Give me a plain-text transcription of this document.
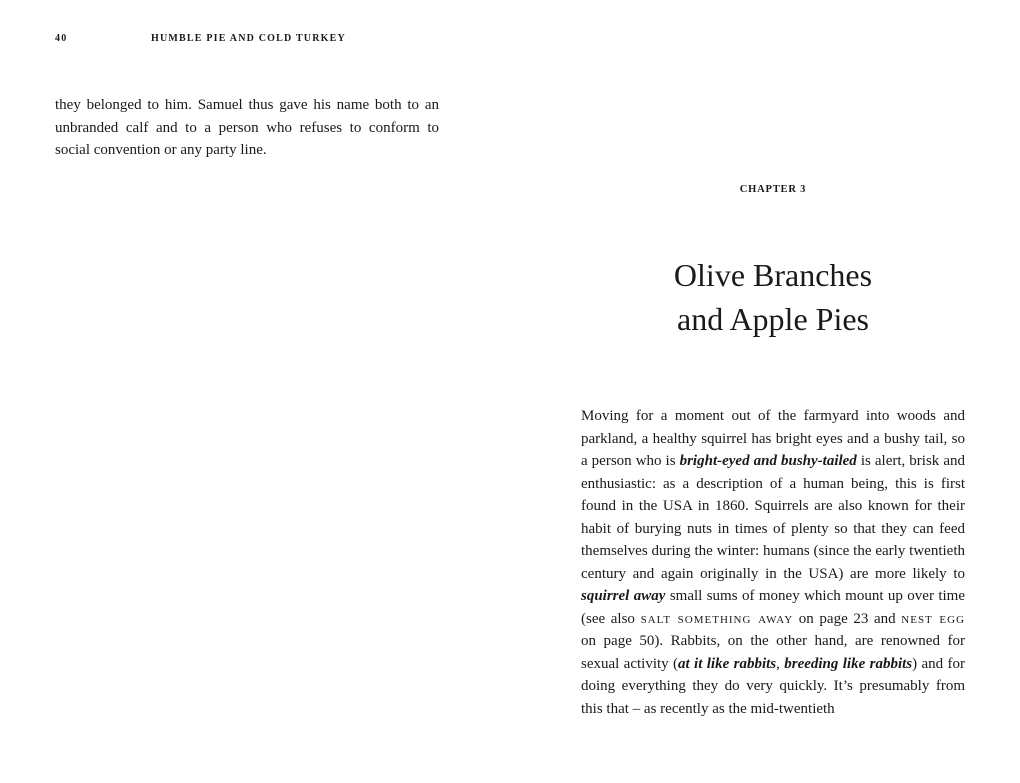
40	HUMBLE PIE AND COLD TURKEY

they belonged to him. Samuel thus gave his name both to an unbranded calf and to a person who refuses to conform to social convention or any party line.

CHAPTER 3
Olive Branches
and Apple Pies

Moving for a moment out of the farmyard into woods and parkland, a healthy squirrel has bright eyes and a bushy tail, so a person who is bright-eyed and bushy-tailed is alert, brisk and enthusiastic: as a description of a human being, this is first found in the USA in 1860. Squirrels are also known for their habit of burying nuts in times of plenty so that they can feed themselves during the winter: humans (since the early twentieth century and again originally in the USA) are more likely to squirrel away small sums of money which mount up over time (see also salt something away on page 23 and nest egg on page 50). Rabbits, on the other hand, are renowned for sexual activity (at it like rabbits, breeding like rabbits) and for doing everything they do very quickly. It’s presumably from this that – as recently as the mid-twentieth
